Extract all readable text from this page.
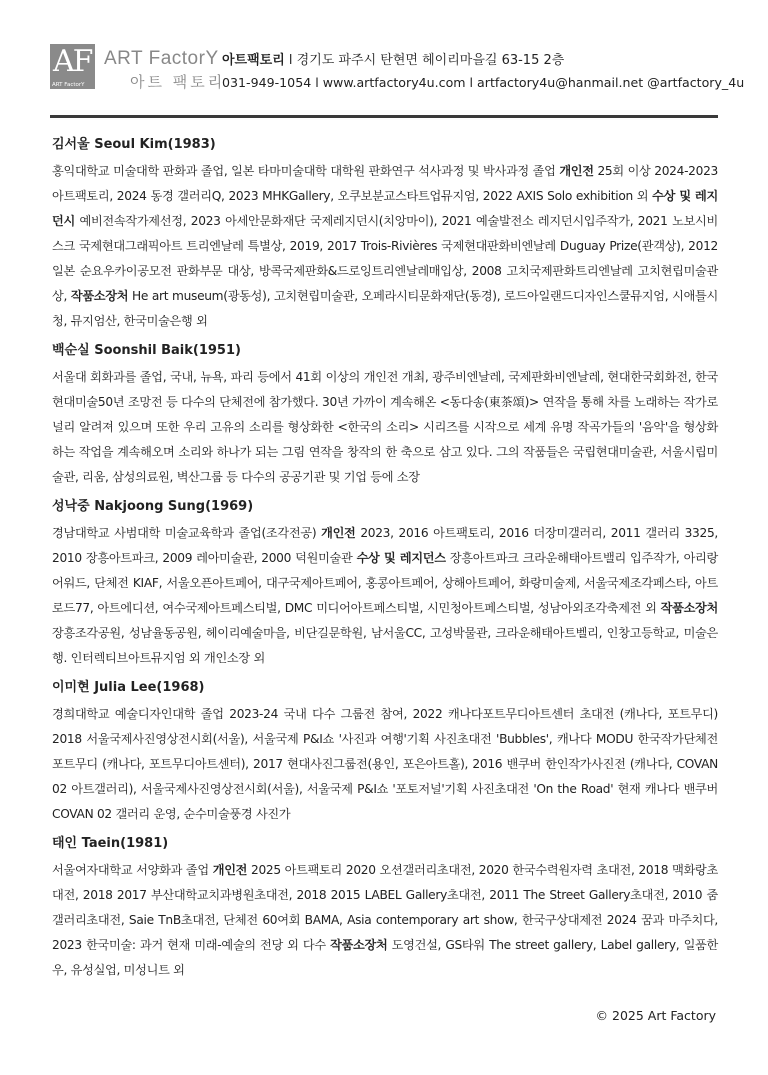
AF
ART FactorY
ART FactorY
아트 팩토리
아트팩토리 l 경기도 파주시 탄현면 헤이리마을길 63-15 2층
031-949-1054 l www.artfactory4u.com l artfactory4u@hanmail.net @artfactory_4u
김서울 Seoul Kim(1983)
홍익대학교 미술대학 판화과 졸업, 일본 타마미술대학 대학원 판화연구 석사과정 및 박사과정 졸업 개인전 25회 이상 2024-2023 아트팩토리, 2024 동경 갤러리Q, 2023 MHKGallery, 오쿠보분교스타트업뮤지엄, 2022 AXIS Solo exhibition 외 수상 및 레지던시 예비전속작가제선정, 2023 아세안문화재단 국제레지던시(치앙마이), 2021 예술발전소 레지던시입주작가, 2021 노보시비스크 국제현대그래픽아트 트리엔날레 특별상, 2019, 2017 Trois-Rivières 국제현대판화비엔날레 Duguay Prize(관객상), 2012 일본 순요우카이공모전 판화부문 대상, 방콕국제판화&드로잉트리엔날레매입상, 2008 고치국제판화트리엔날레 고치현립미술관상, 작품소장처 He art museum(광동성), 고치현립미술관, 오페라시티문화재단(동경), 로드아일랜드디자인스쿨뮤지엄, 시애틀시청, 뮤지엄산, 한국미술은행 외
백순실 Soonshil Baik(1951)
서울대 회화과를 졸업, 국내, 뉴욕, 파리 등에서 41회 이상의 개인전 개최, 광주비엔날레, 국제판화비엔날레, 현대한국회화전, 한국현대미술50년 조망전 등 다수의 단체전에 참가했다. 30년 가까이 계속해온 <동다송(東茶頌)> 연작을 통해 차를 노래하는 작가로 널리 알려져 있으며 또한 우리 고유의 소리를 형상화한 <한국의 소리> 시리즈를 시작으로 세계 유명 작곡가들의 '음악'을 형상화하는 작업을 계속해오며 소리와 하나가 되는 그림 연작을 창작의 한 축으로 삼고 있다. 그의 작품들은 국립현대미술관, 서울시립미술관, 리움, 삼성의료원, 벽산그룹 등 다수의 공공기관 및 기업 등에 소장
성낙중 Nakjoong Sung(1969)
경남대학교 사범대학 미술교육학과 졸업(조각전공) 개인전 2023, 2016 아트팩토리, 2016 더장미갤러리, 2011 갤러리 3325, 2010 장흥아트파크, 2009 레아미술관, 2000 덕원미술관 수상 및 레지던스 장흥아트파크 크라운해태아트밸리 입주작가, 아리랑 어워드, 단체전 KIAF, 서울오픈아트페어, 대구국제아트페어, 홍콩아트페어, 상해아트페어, 화랑미술제, 서울국제조각페스타, 아트로드77, 아트에디션, 여수국제아트페스티벌, DMC 미디어아트페스티벌, 시민청아트페스티벌, 성남아외조각축제전 외 작품소장처 장흥조각공원, 성남율동공원, 헤이리예술마을, 비단길문학원, 남서울CC, 고성박물관, 크라운해태아트벨리, 인창고등학교, 미술은행. 인터렉티브아트뮤지엄 외 개인소장 외
이미현 Julia Lee(1968)
경희대학교 예술디자인대학 졸업 2023-24 국내 다수 그룹전 참여, 2022 캐나다포트무디아트센터 초대전 (캐나다, 포트무디) 2018 서울국제사진영상전시회(서울), 서울국제 P&I쇼 '사진과 여행'기획 사진초대전 'Bubbles', 캐나다 MODU 한국작가단체전 포트무디 (캐나다, 포트무디아트센터), 2017 현대사진그룹전(용인, 포은아트홀), 2016 밴쿠버 한인작가사진전 (캐나다, COVAN 02 아트갤러리), 서울국제사진영상전시회(서울), 서울국제 P&I쇼 '포토저널'기획 사진초대전 'On the Road' 현재 캐나다 밴쿠버 COVAN 02 갤러리 운영, 순수미술풍경 사진가
태인 Taein(1981)
서울여자대학교 서양화과 졸업 개인전 2025 아트팩토리 2020 오션갤러리초대전, 2020 한국수력원자력 초대전, 2018 맥화랑초대전, 2018 2017 부산대학교치과병원초대전, 2018 2015 LABEL Gallery초대전, 2011 The Street Gallery초대전, 2010 줌갤러리초대전, Saie TnB초대전, 단체전 60여회 BAMA, Asia contemporary art show, 한국구상대제전 2024 꿈과 마주치다, 2023 한국미술: 과거 현재 미래-예술의 전당 외 다수 작품소장처 도영건설, GS타워 The street gallery, Label gallery, 일품한우, 유성실업, 미성니트 외
© 2025 Art Factory
